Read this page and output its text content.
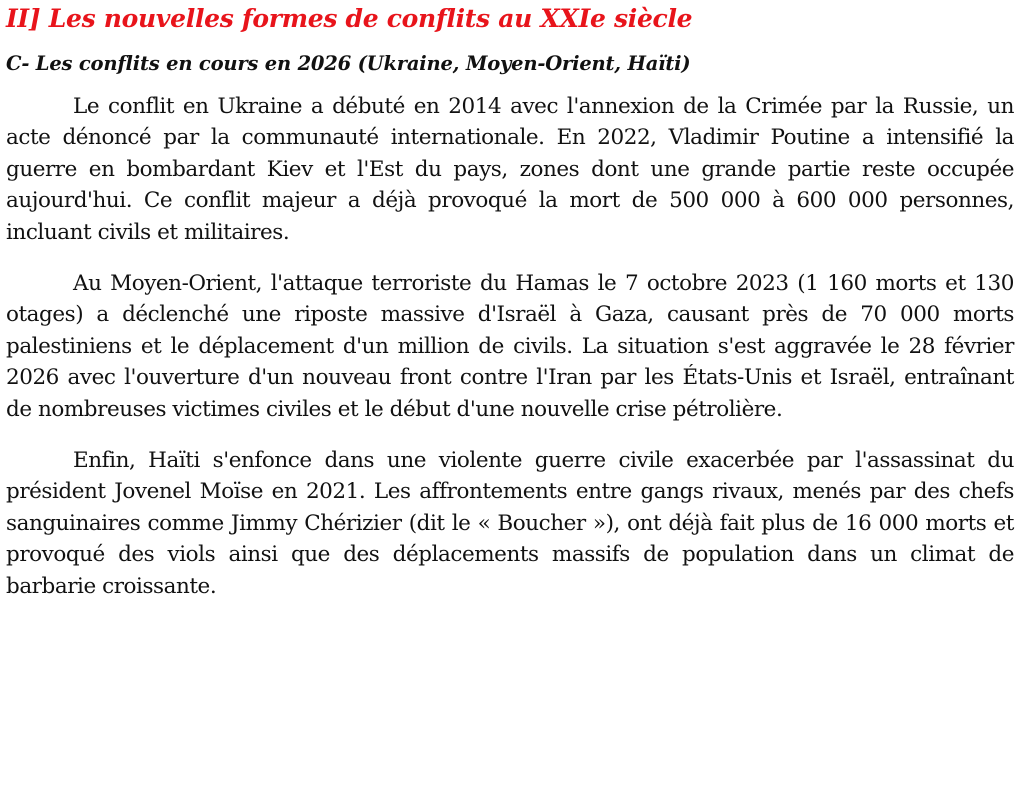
II] Les nouvelles formes de conflits au XXIe siècle
C- Les conflits en cours en 2026 (Ukraine, Moyen-Orient, Haïti)

Le conflit en Ukraine a débuté en 2014 avec l'annexion de la Crimée par la Russie, un acte dénoncé par la communauté internationale. En 2022, Vladimir Poutine a intensifié la guerre en bombardant Kiev et l'Est du pays, zones dont une grande partie reste occupée aujourd'hui. Ce conflit majeur a déjà provoqué la mort de 500 000 à 600 000 personnes, incluant civils et militaires.

Au Moyen-Orient, l'attaque terroriste du Hamas le 7 octobre 2023 (1 160 morts et 130 otages) a déclenché une riposte massive d'Israël à Gaza, causant près de 70 000 morts palestiniens et le déplacement d'un million de civils. La situation s'est aggravée le 28 février 2026 avec l'ouverture d'un nouveau front contre l'Iran par les États-Unis et Israël, entraînant de nombreuses victimes civiles et le début d'une nouvelle crise pétrolière.

Enfin, Haïti s'enfonce dans une violente guerre civile exacerbée par l'assassinat du président Jovenel Moïse en 2021. Les affrontements entre gangs rivaux, menés par des chefs sanguinaires comme Jimmy Chérizier (dit le « Boucher »), ont déjà fait plus de 16 000 morts et provoqué des viols ainsi que des déplacements massifs de population dans un climat de barbarie croissante.
